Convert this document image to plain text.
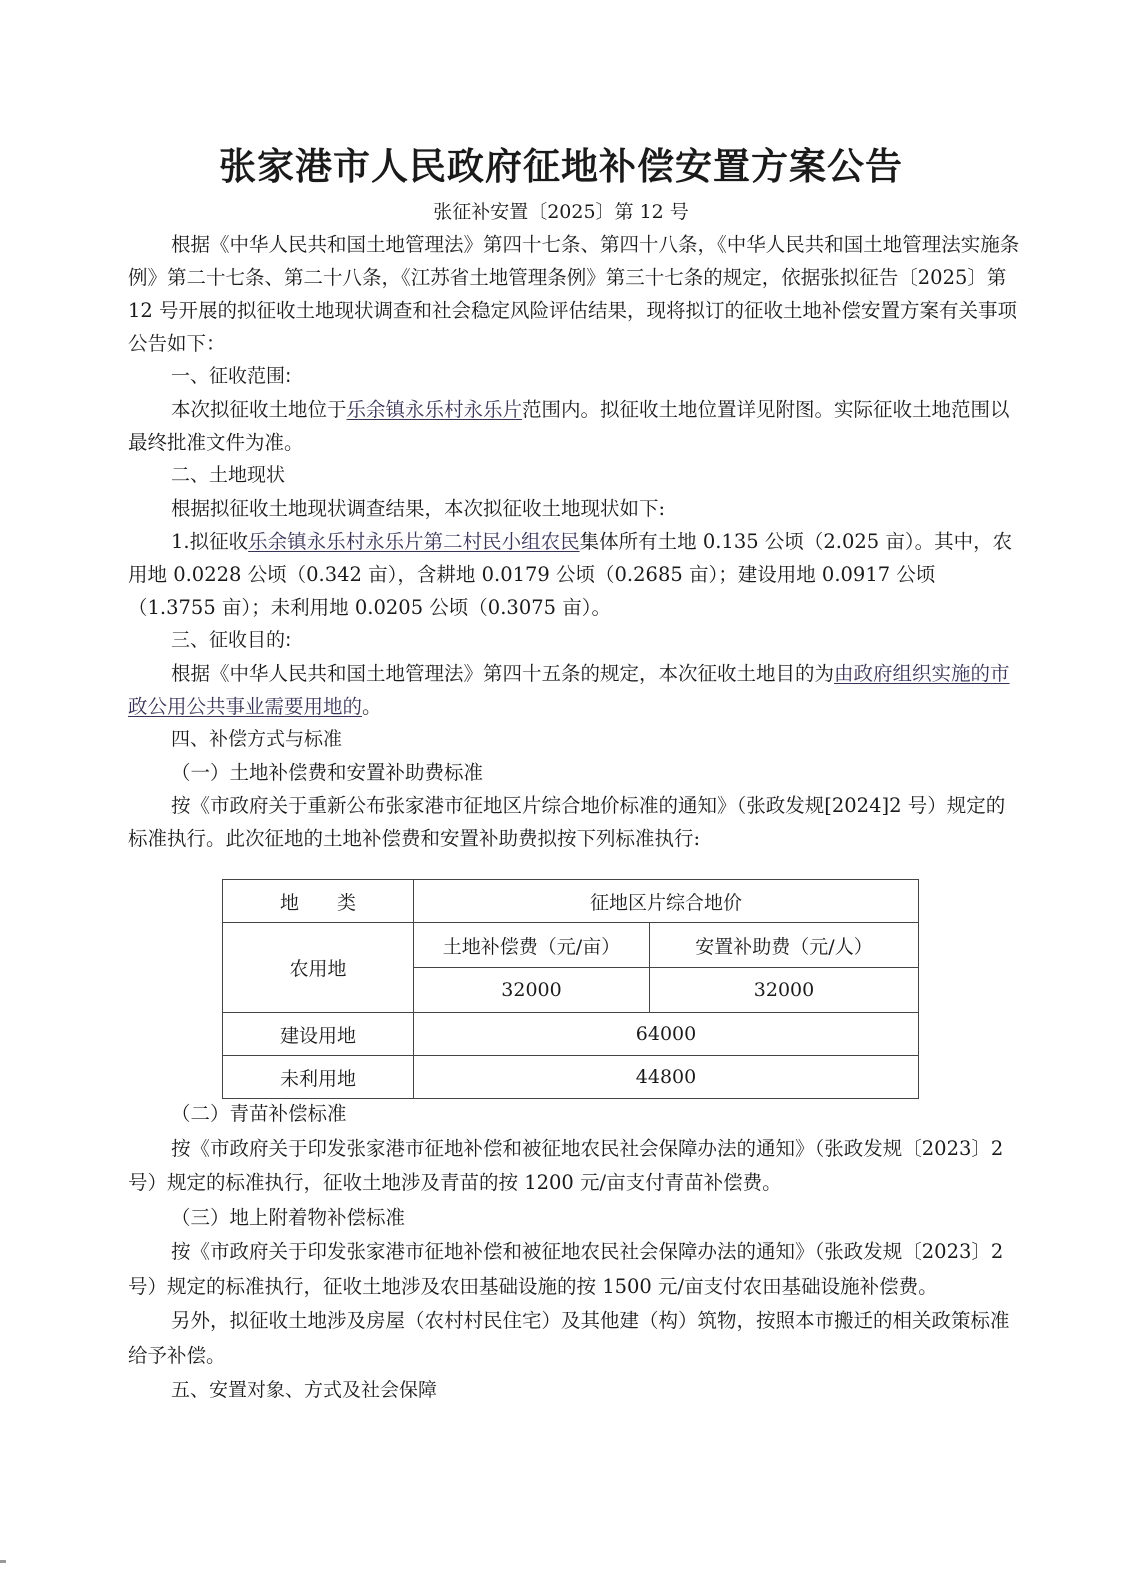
张家港市人民政府征地补偿安置方案公告
张征补安置〔2025〕第 12 号

根据《中华人民共和国土地管理法》第四十七条、第四十八条，《中华人民共和国土地管理法实施条例》第二十七条、第二十八条，《江苏省土地管理条例》第三十七条的规定，依据张拟征告〔2025〕第 12 号开展的拟征收土地现状调查和社会稳定风险评估结果，现将拟订的征收土地补偿安置方案有关事项公告如下：

一、征收范围:

本次拟征收土地位于乐余镇永乐村永乐片范围内。拟征收土地位置详见附图。实际征收土地范围以最终批准文件为准。

二、土地现状

根据拟征收土地现状调查结果，本次拟征收土地现状如下:

1.拟征收乐余镇永乐村永乐片第二村民小组农民集体所有土地 0.135 公顷（2.025 亩）。其中，农用地 0.0228 公顷（0.342 亩），含耕地 0.0179 公顷（0.2685 亩）；建设用地 0.0917 公顷（1.3755 亩）；未利用地 0.0205 公顷（0.3075 亩）。

三、征收目的:

根据《中华人民共和国土地管理法》第四十五条的规定，本次征收土地目的为由政府组织实施的市政公用公共事业需要用地的。

四、补偿方式与标准

（一）土地补偿费和安置补助费标准

按《市政府关于重新公布张家港市征地区片综合地价标准的通知》（张政发规[2024]2 号）规定的标准执行。此次征地的土地补偿费和安置补助费拟按下列标准执行:

地　　类	征地区片综合地价	
农用地	土地补偿费（元/亩）	安置补助费（元/人）
	32000	32000
建设用地	64000	
未利用地	44800	

（二）青苗补偿标准

按《市政府关于印发张家港市征地补偿和被征地农民社会保障办法的通知》（张政发规〔2023〕2 号）规定的标准执行，征收土地涉及青苗的按 1200 元/亩支付青苗补偿费。

（三）地上附着物补偿标准

按《市政府关于印发张家港市征地补偿和被征地农民社会保障办法的通知》（张政发规〔2023〕2 号）规定的标准执行，征收土地涉及农田基础设施的按 1500 元/亩支付农田基础设施补偿费。

另外，拟征收土地涉及房屋（农村村民住宅）及其他建（构）筑物，按照本市搬迁的相关政策标准给予补偿。

五、安置对象、方式及社会保障
